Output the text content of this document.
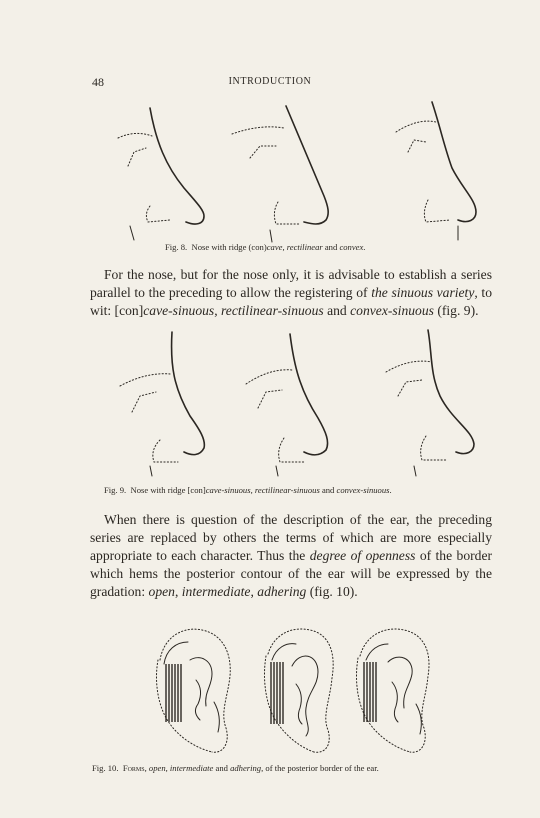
48	INTRODUCTION
Fig. 8. Nose with ridge (con)cave, rectilinear and convex.
For the nose, but for the nose only, it is advisable to establish a series parallel to the preceding to allow the registering of the sinuous variety, to wit: [con]cave-sinuous, rectilinear-sinuous and convex-sinuous (fig. 9).
Fig. 9. Nose with ridge [con]cave-sinuous, rectilinear-sinuous and convex-sinuous.
When there is question of the description of the ear, the preceding series are replaced by others the terms of which are more especially appropriate to each character. Thus the degree of openness of the border which hems the posterior contour of the ear will be expressed by the gradation: open, intermediate, adhering (fig. 10).
Fig. 10. Forms, open, intermediate and adhering, of the posterior border of the ear.
